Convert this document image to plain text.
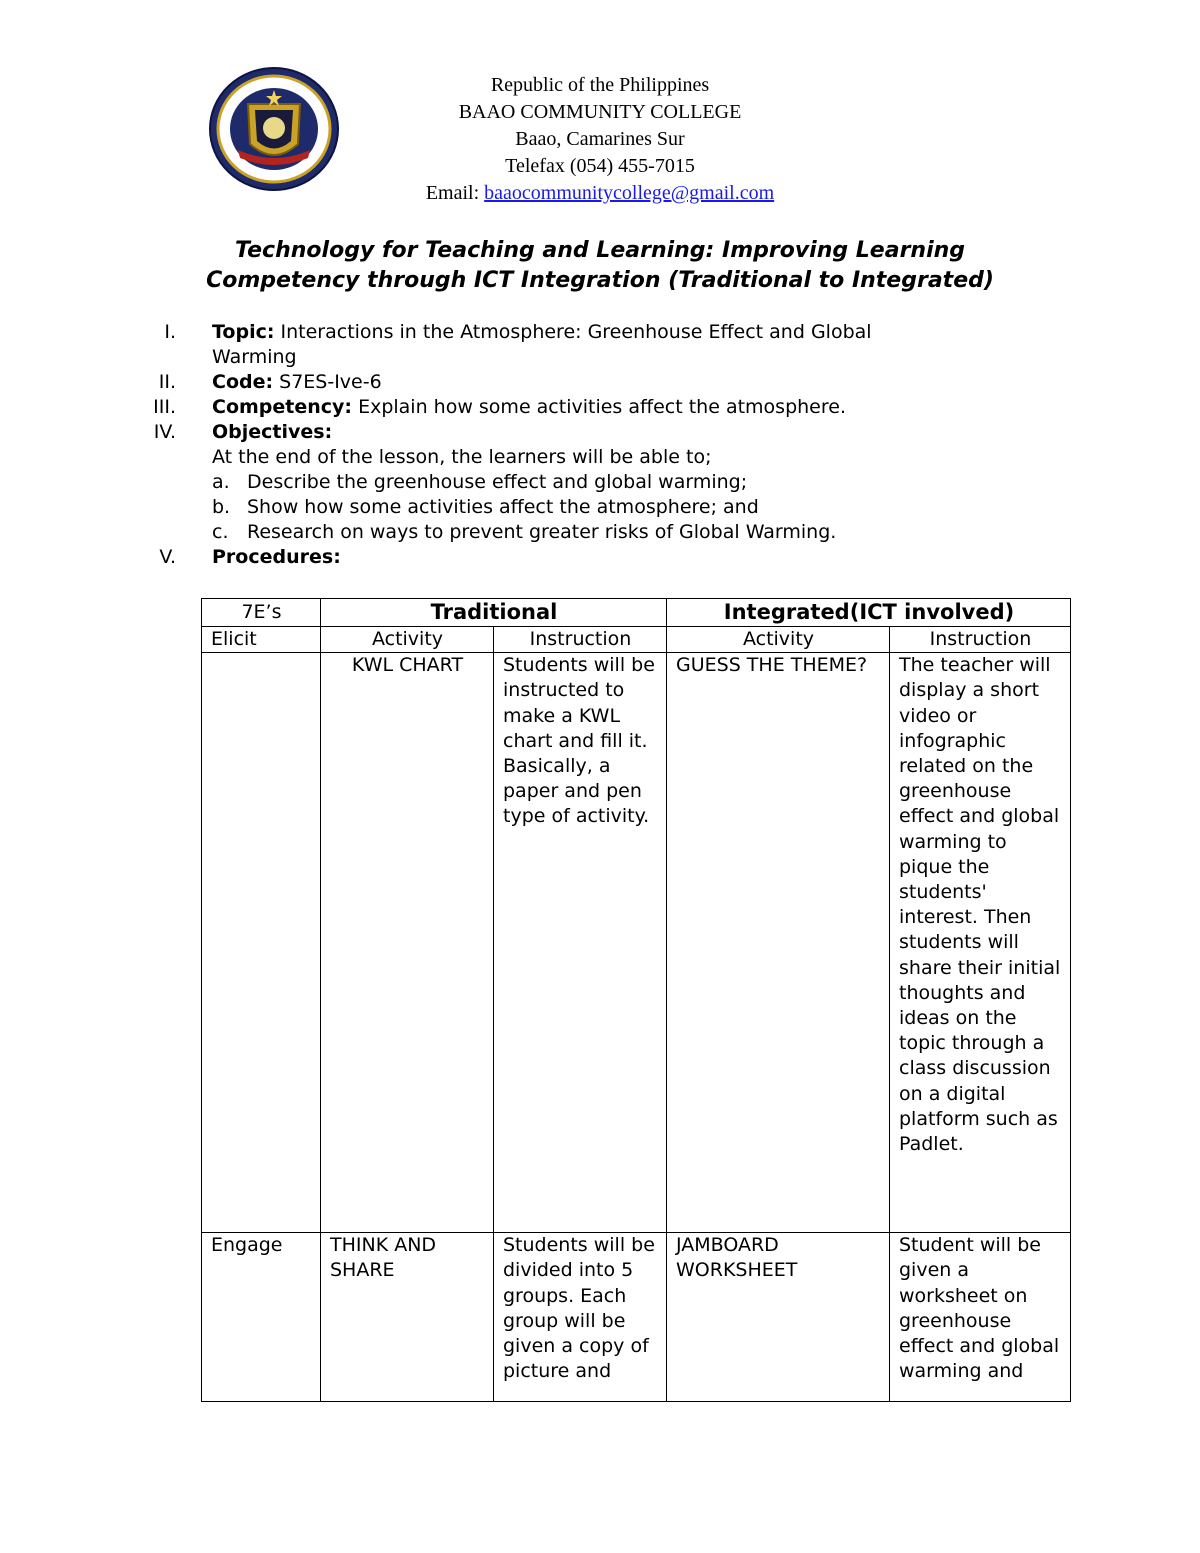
Republic of the Philippines
BAAO COMMUNITY COLLEGE
Baao, Camarines Sur
Telefax (054) 455-7015
Email: baaocommunitycollege@gmail.com
Technology for Teaching and Learning: Improving Learning
Competency through ICT Integration (Traditional to Integrated)
I. Topic: Interactions in the Atmosphere: Greenhouse Effect and Global
Warming
II. Code: S7ES-Ive-6
III. Competency: Explain how some activities affect the atmosphere.
IV. Objectives:
At the end of the lesson, the learners will be able to;
a. Describe the greenhouse effect and global warming;
b. Show how some activities affect the atmosphere; and
c. Research on ways to prevent greater risks of Global Warming.
V. Procedures:
7E’s	Traditional		Integrated(ICT involved)	
Elicit	Activity	Instruction	Activity	Instruction
	KWL CHART	Students will be instructed to make a KWL chart and fill it. Basically, a paper and pen type of activity.	GUESS THE THEME?	The teacher will display a short video or infographic related on the greenhouse effect and global warming to pique the students' interest. Then students will share their initial thoughts and ideas on the topic through a class discussion on a digital platform such as Padlet.
Engage	THINK AND SHARE	Students will be divided into 5 groups. Each group will be given a copy of picture and	JAMBOARD WORKSHEET	Student will be given a worksheet on greenhouse effect and global warming and
